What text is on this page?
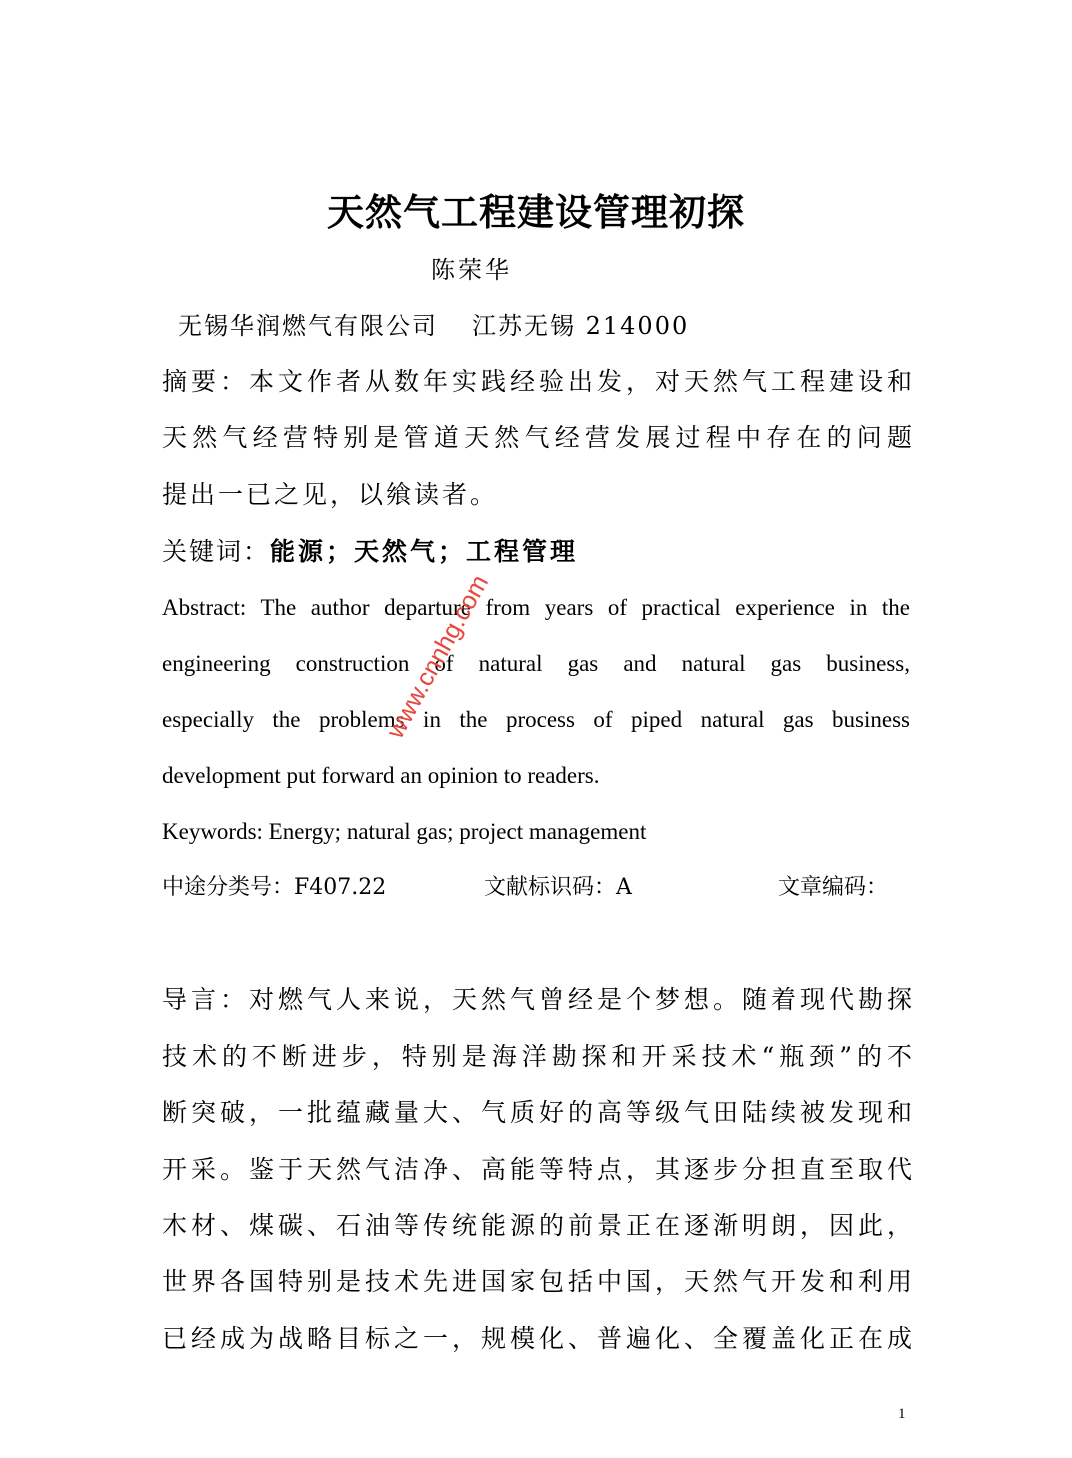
天然气工程建设管理初探
陈荣华
无锡华润燃气有限公司 江苏无锡 214000
摘要：本文作者从数年实践经验出发，对天然气工程建设和
天然气经营特别是管道天然气经营发展过程中存在的问题
提出一已之见，以飨读者。
关键词：能源；天然气；工程管理
Abstract: The author departure from years of practical experience in the
engineering construction of natural gas and natural gas business,
especially the problems in the process of piped natural gas business
development put forward an opinion to readers.
Keywords: Energy; natural gas; project management
中途分类号：F407.22	文献标识码：A	文章编码：
导言：对燃气人来说，天然气曾经是个梦想。随着现代勘探
技术的不断进步，特别是海洋勘探和开采技术“瓶颈”的不
断突破，一批蕴藏量大、气质好的高等级气田陆续被发现和
开采。鉴于天然气洁净、高能等特点，其逐步分担直至取代
木材、煤碳、石油等传统能源的前景正在逐渐明朗，因此，
世界各国特别是技术先进国家包括中国，天然气开发和利用
已经成为战略目标之一，规模化、普遍化、全覆盖化正在成
www.cnnhg.com
1
